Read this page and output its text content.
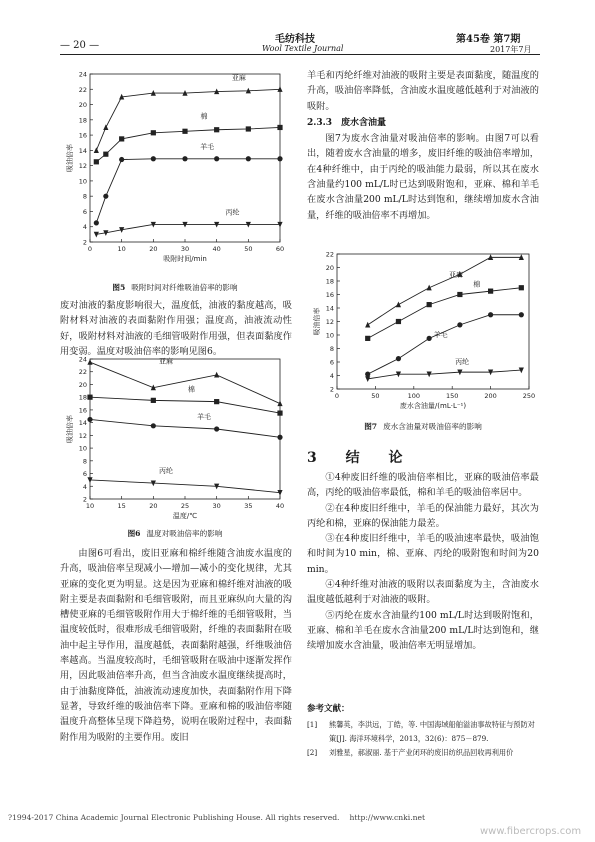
— 20 —
毛纺科技
Wool Textile Journal
第45卷 第7期
2017年7月
2
4
6
8
10
12
14
16
18
20
22
24
0	10	20	30	40	50	60
吸附时间/min
吸油倍率
亚麻
棉
羊毛
丙纶
图5 吸附时间对纤维吸油倍率的影响

废对油液的黏度影响很大，温度低，油液的黏度越高，吸附材料对油液的表面黏附作用强；温度高，油液流动性好，吸附材料对油液的毛细管吸附作用强，但表面黏度作用变弱。温度对吸油倍率的影响见图6。

2
4
6
8
10
12
14
16
18
20
22
24
10	15	20	25	30	35	40
温度/℃
吸油倍率
亚麻
棉
羊毛
丙纶
图6 温度对吸油倍率的影响

由图6可看出，废旧亚麻和棉纤维随含油废水温度的升高，吸油倍率呈现减小—增加—减小的变化规律，尤其亚麻的变化更为明显。这是因为亚麻和棉纤维对油液的吸附主要是表面黏附和毛细管吸附，而且亚麻纵向大量的沟槽使亚麻的毛细管吸附作用大于棉纤维的毛细管吸附，当温度较低时，很难形成毛细管吸附，纤维的表面黏附在吸油中起主导作用，温度越低，表面黏附越强，纤维吸油倍率越高。当温度较高时，毛细管吸附在吸油中逐渐发挥作用，因此吸油倍率升高，但当含油废水温度继续提高时，由于油黏度降低，油液流动速度加快，表面黏附作用下降显著，导致纤维的吸油倍率下降。亚麻和棉的吸油倍率随温度升高整体呈现下降趋势，说明在吸附过程中，表面黏附作用为吸附的主要作用。废旧

羊毛和丙纶纤维对油液的吸附主要是表面黏度，随温度的升高，吸油倍率降低，含油废水温度越低越利于对油液的吸附。

2.3.3　废水含油量

图7为废水含油量对吸油倍率的影响。由图7可以看出，随着废水含油量的增多，废旧纤维的吸油倍率增加，在4种纤维中，由于丙纶的吸油能力最弱，所以其在废水含油量约100 mL/L时已达到吸附饱和，亚麻、棉和羊毛在废水含油量200 mL/L时达到饱和，继续增加废水含油量，纤维的吸油倍率不再增加。

2
4
6
8
10
12
14
16
18
20
22
0	50	100	150	200	250
废水含油量/(mL·L⁻¹)
吸油倍率
亚麻
棉
羊毛
丙纶
图7 废水含油量对吸油倍率的影响
3 结 论

①4种废旧纤维的吸油倍率相比，亚麻的吸油倍率最高，丙纶的吸油倍率最低，棉和羊毛的吸油倍率居中。

②在4种废旧纤维中，羊毛的保油能力最好，其次为丙纶和棉，亚麻的保油能力最差。

③在4种废旧纤维中，羊毛的吸油速率最快，吸油饱和时间为10 min，棉、亚麻、丙纶的吸附饱和时间为20 min。

④4种纤维对油液的吸附以表面黏度为主，含油废水温度越低越利于对油液的吸附。

⑤丙纶在废水含油量约100 mL/L时达到吸附饱和，亚麻、棉和羊毛在废水含油量200 mL/L时达到饱和，继续增加废水含油量，吸油倍率无明显增加。

参考文献：
[1]	熊馨英，李洪远，丁皓，等. 中国海域船舶溢油事故特征与预防对策[J]. 海洋环境科学，2013，32(6)：875－879.
[2]	刘雅星，郝淑丽. 基于产业闭环的废旧纺织品回收再利用价
?1994-2017 China Academic Journal Electronic Publishing House. All rights reserved.　 http://www.cnki.net
www.fibercrops.com
